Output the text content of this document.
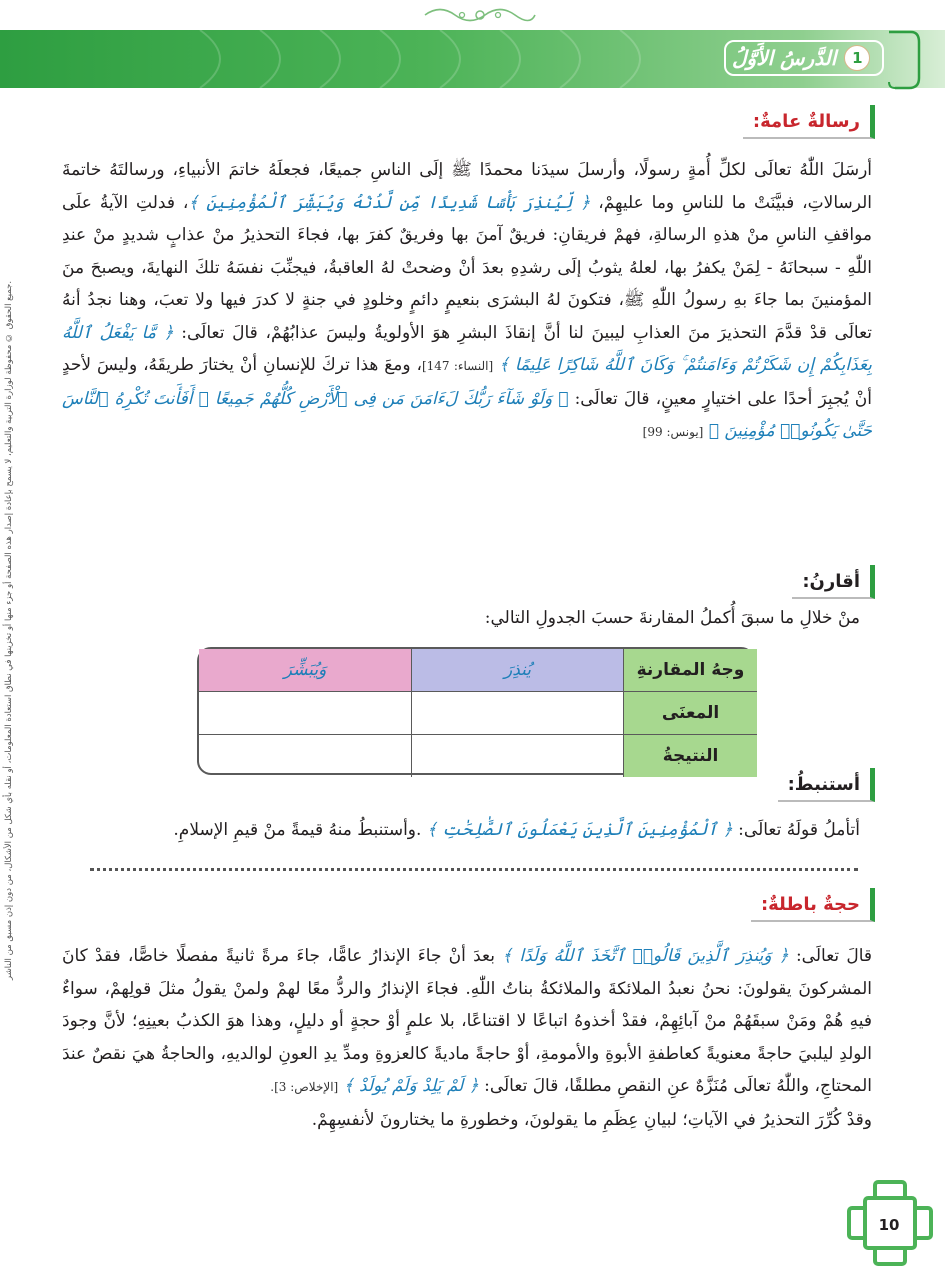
1
الدَّرسُ الأَوَّلُ
جميع الحقوق © محفوظة لوزارة التربية والتعليم، لا يسمح بإعادة إصدار هذه الصفحة أو جزء منها أو تخزينها في نطاق استعادة المعلومات، أو نقله بأي شكل من الأشكال، من دون إذن مسبق من الناشر.
رسالةٌ عامةٌ:
أرسَلَ اللّٰهُ تعالَى لكلِّ أُمةٍ رسولًا، وأرسلَ سيدَنا محمدًا ﷺ إلَى الناسِ جميعًا، فجعلَهُ خاتمَ الأنبياءِ، ورسالتَهُ خاتمةَ الرسالاتِ، فبيَّنَتْ ما للناسِ وما عليهِمْ، ﴿ لِّيُنذِرَ بَأْسًا شَدِيدًا مِّن لَّدُنْهُ وَيُبَشِّرَ ٱلْمُؤْمِنِينَ ﴾، فدلتِ الآيةُ علَى مواقفِ الناسِ منْ هذهِ الرسالةِ، فهمْ فريقانِ: فريقٌ آمنَ بها وفريقٌ كفرَ بها، فجاءَ التحذيرُ منْ عذابٍ شديدٍ منْ عندِ اللّٰهِ - سبحانَهُ - لِمَنْ يكفرُ بها، لعلهُ يثوبُ إلَى رشدِهِ بعدَ أنْ وضحتْ لهُ العاقبةُ، فيجنِّبَ نفسَهُ تلكَ النهايةَ، ويصبحَ منَ المؤمنينَ بما جاءَ بهِ رسولُ اللّٰهِ ﷺ، فتكونَ لهُ البشرَى بنعيمٍ دائمٍ وخلودٍ في جنةٍ لا كدرَ فيها ولا تعبَ، وهنا نجدُ أنهُ تعالَى قدْ قدَّمَ التحذيرَ منَ العذابِ ليبينَ لنا أنَّ إنقاذَ البشرِ هوَ الأولويةُ وليسَ عذابُهُمْ، قالَ تعالَى: ﴿ مَّا يَفْعَلُ ٱللَّهُ بِعَذَابِكُمْ إِن شَكَرْتُمْ وَءَامَنتُمْ ۚ وَكَانَ ٱللَّهُ شَاكِرًا عَلِيمًا ﴾ [النساء: 147]، ومعَ هذا تركَ للإنسانِ أنْ يختارَ طريقَهُ، وليسَ لأحدٍ أنْ يُجبِرَ أحدًا على اختيارٍ معينٍ، قالَ تعالَى: ﴿ وَلَوْ شَآءَ رَبُّكَ لَءَامَنَ مَن فِى ٱلْأَرْضِ كُلُّهُمْ جَمِيعًا ۚ أَفَأَنتَ تُكْرِهُ ٱلنَّاسَ حَتَّىٰ يَكُونُوا۟ مُؤْمِنِينَ ﴾ [يونس: 99]
أقارنُ:
منْ خلالِ ما سبقَ أُكملُ المقارنةَ حسبَ الجدولِ التالي:
وَيُبَشِّرَ	يُنذِرَ	وجهُ المقارنةِ
المعنَى
النتيجةُ
أستنبطُ:
أتأملُ قولَهُ تعالَى: ﴿ ٱلْمُؤْمِنِينَ ٱلَّذِينَ يَعْمَلُونَ ٱلصَّٰلِحَٰتِ ﴾ .وأستنبطُ منهُ قيمةً منْ قيمِ الإسلامِ.
حجةٌ باطلةٌ:
قالَ تعالَى: ﴿ وَيُنذِرَ ٱلَّذِينَ قَالُوا۟ ٱتَّخَذَ ٱللَّهُ وَلَدًا ﴾ بعدَ أنْ جاءَ الإنذارُ عامًّا، جاءَ مرةً ثانيةً مفصلًا خاصًّا، فقدْ كانَ المشركونَ يقولونَ: نحنُ نعبدُ الملائكةَ والملائكةُ بناتُ اللّٰهِ. فجاءَ الإنذارُ والردُّ معًا لهمْ ولمنْ يقولُ مثلَ قولِهمْ، سواءٌ فيهِ هُمْ ومَنْ سبقَهُمْ منْ آبائِهِمْ، فقدْ أخذوهُ اتباعًا لا اقتناعًا، بلا علمٍ أوْ حجةٍ أو دليلٍ، وهذا هوَ الكذبُ بعينِهِ؛ لأنَّ وجودَ الولدِ ليلبيَ حاجةً معنويةً كعاطفةِ الأبوةِ والأمومةِ، أوْ حاجةً ماديةً كالعزوةِ ومدِّ يدِ العونِ لوالديهِ، والحاجةُ هيَ نقصٌ عندَ المحتاجِ، واللّٰهُ تعالَى مُنَزَّهٌ عنِ النقصِ مطلقًا، قالَ تعالَى: ﴿ لَمْ يَلِدْ وَلَمْ يُولَدْ ﴾ [الإخلاص: 3].
وقدْ كُرِّرَ التحذيرُ في الآياتِ؛ لبيانِ عِظَمِ ما يقولونَ، وخطورةِ ما يختارونَ لأنفسِهِمْ.
10
